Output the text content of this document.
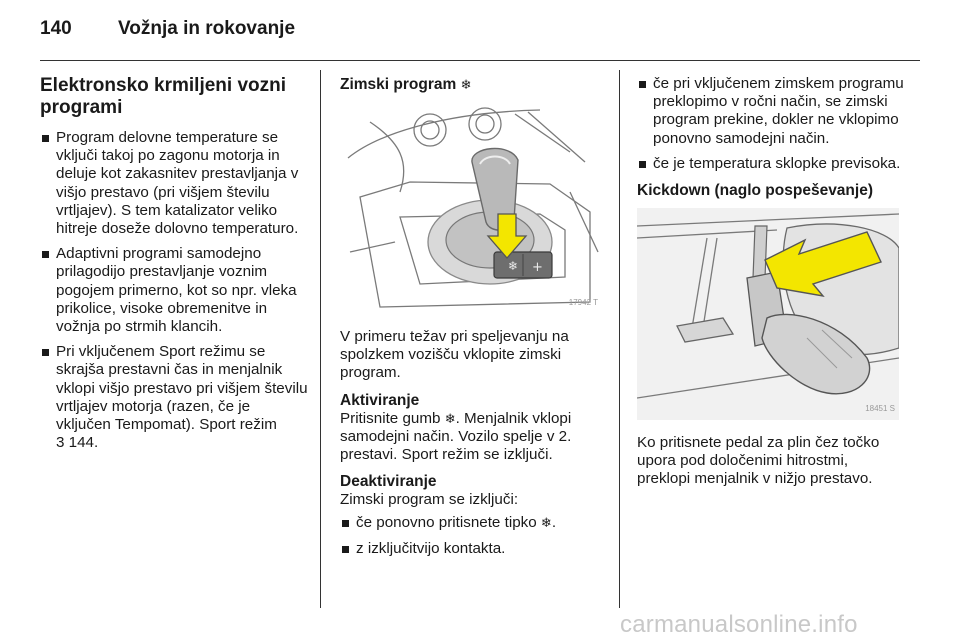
140 Vožnja in rokovanje
Elektronsko krmiljeni vozni programi
Program delovne temperature se vključi takoj po zagonu motorja in deluje kot zakasnitev prestavljanja v višjo prestavo (pri višjem številu vrtljajev). S tem katalizator veliko hitreje doseže dolovno temperaturo.
Adaptivni programi samodejno prilagodijo prestavljanje voznim pogojem primerno, kot so npr. vleka prikolice, visoke obremenitve in vožnja po strmih klancih.
Pri vključenem Sport režimu se skrajša prestavni čas in menjalnik vklopi višjo prestavo pri višjem številu vrtljajev motorja (razen, če je vključen Tempomat). Sport režim
3 144.
Zimski program ❄
❄ +
17942 T

V primeru težav pri speljevanju na spolzkem vozišču vklopite zimski program.

Aktiviranje

Pritisnite gumb ❄. Menjalnik vklopi samodejni način. Vozilo spelje v 2. prestavi. Sport režim se izključi.

Deaktiviranje

Zimski program se izklјuči:

če ponovno pritisnete tipko ❄.
z izklјučitvijo kontakta.
če pri vključenem zimskem programu preklopimo v ročni način, se zimski program prekine, dokler ne vklopimo ponovno samodejni način.
če je temperatura sklopke previsoka.
Kickdown (naglo pospeševanje)
18451 S

Ko pritisnete pedal za plin čez točko upora pod določenimi hitrostmi, preklopi menjalnik v nižjo prestavo.

carmanualsonline.info
